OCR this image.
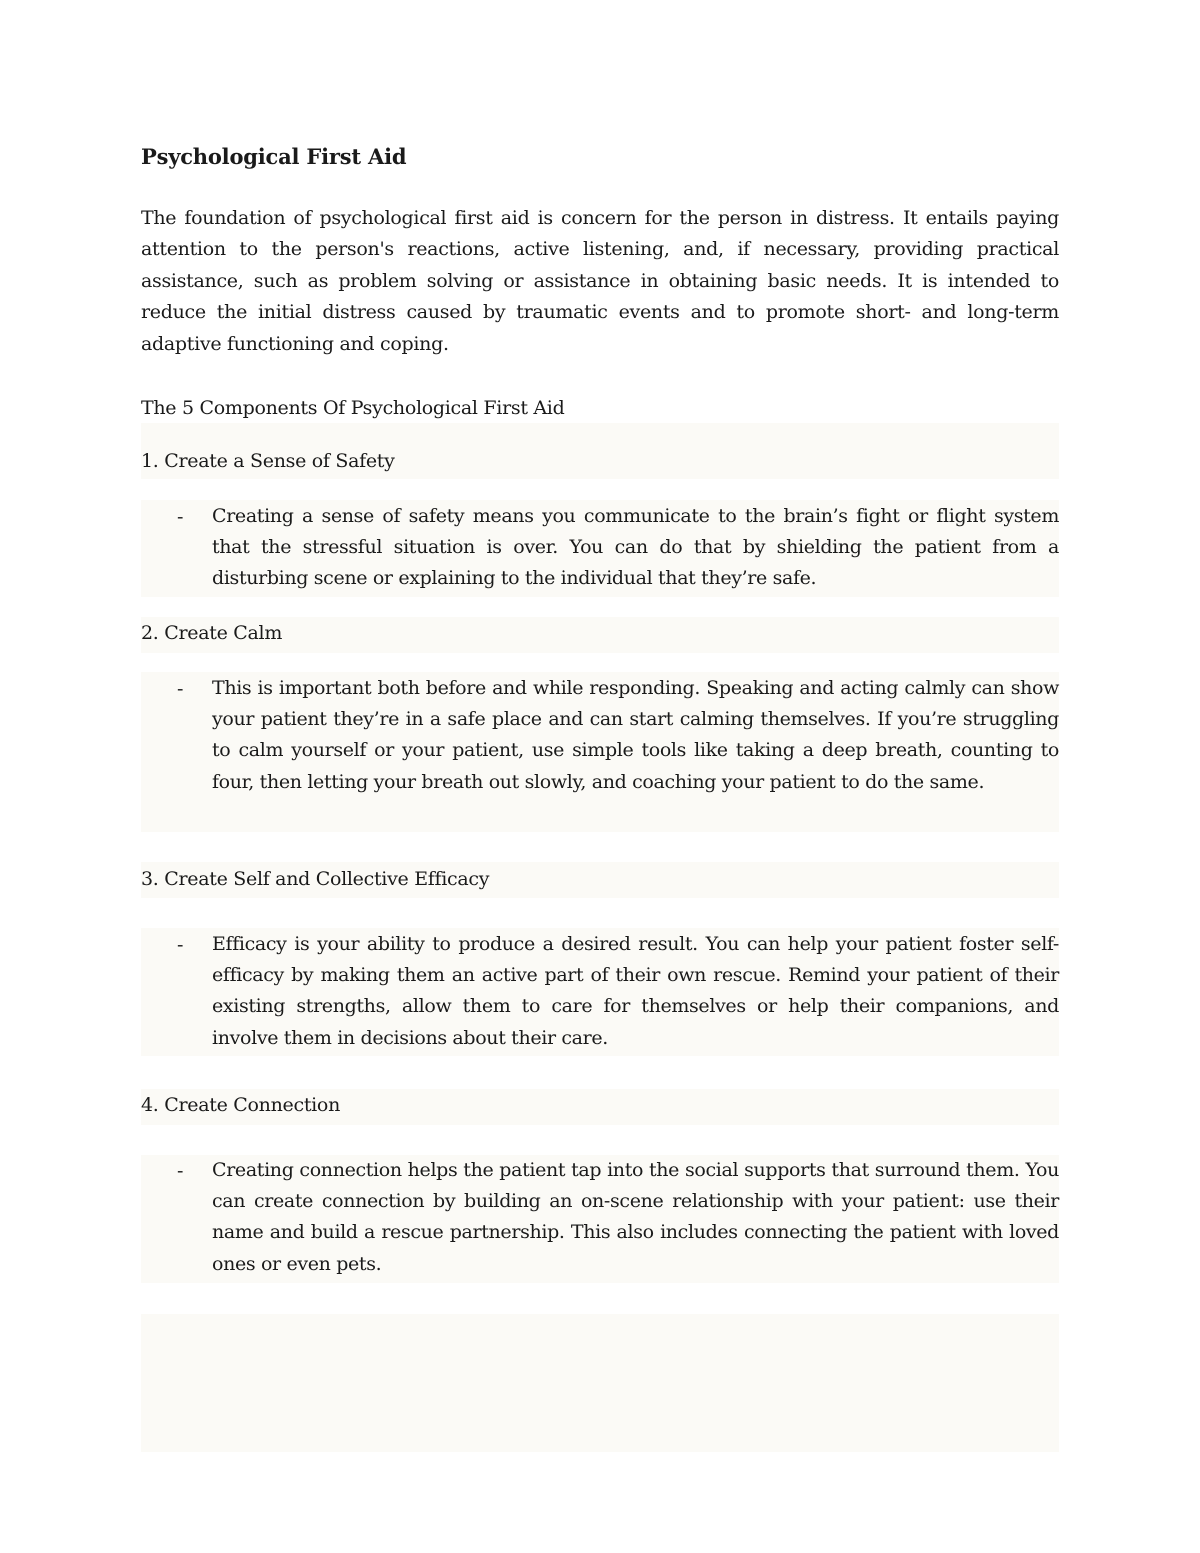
Psychological First Aid

The foundation of psychological first aid is concern for the person in distress. It entails paying attention to the person's reactions, active listening, and, if necessary, providing practical assistance, such as problem solving or assistance in obtaining basic needs. It is intended to reduce the initial distress caused by traumatic events and to promote short- and long-term adaptive functioning and coping.

The 5 Components Of Psychological First Aid

1. Create a Sense of Safety

- Creating a sense of safety means you communicate to the brain’s fight or flight system that the stressful situation is over. You can do that by shielding the patient from a disturbing scene or explaining to the individual that they’re safe.

2. Create Calm

- This is important both before and while responding. Speaking and acting calmly can show your patient they’re in a safe place and can start calming themselves. If you’re struggling to calm yourself or your patient, use simple tools like taking a deep breath, counting to four, then letting your breath out slowly, and coaching your patient to do the same.

3. Create Self and Collective Efficacy

- Efficacy is your ability to produce a desired result. You can help your patient foster self-efficacy by making them an active part of their own rescue. Remind your patient of their existing strengths, allow them to care for themselves or help their companions, and involve them in decisions about their care.

4. Create Connection

- Creating connection helps the patient tap into the social supports that surround them. You can create connection by building an on-scene relationship with your patient: use their name and build a rescue partnership. This also includes connecting the patient with loved ones or even pets.
